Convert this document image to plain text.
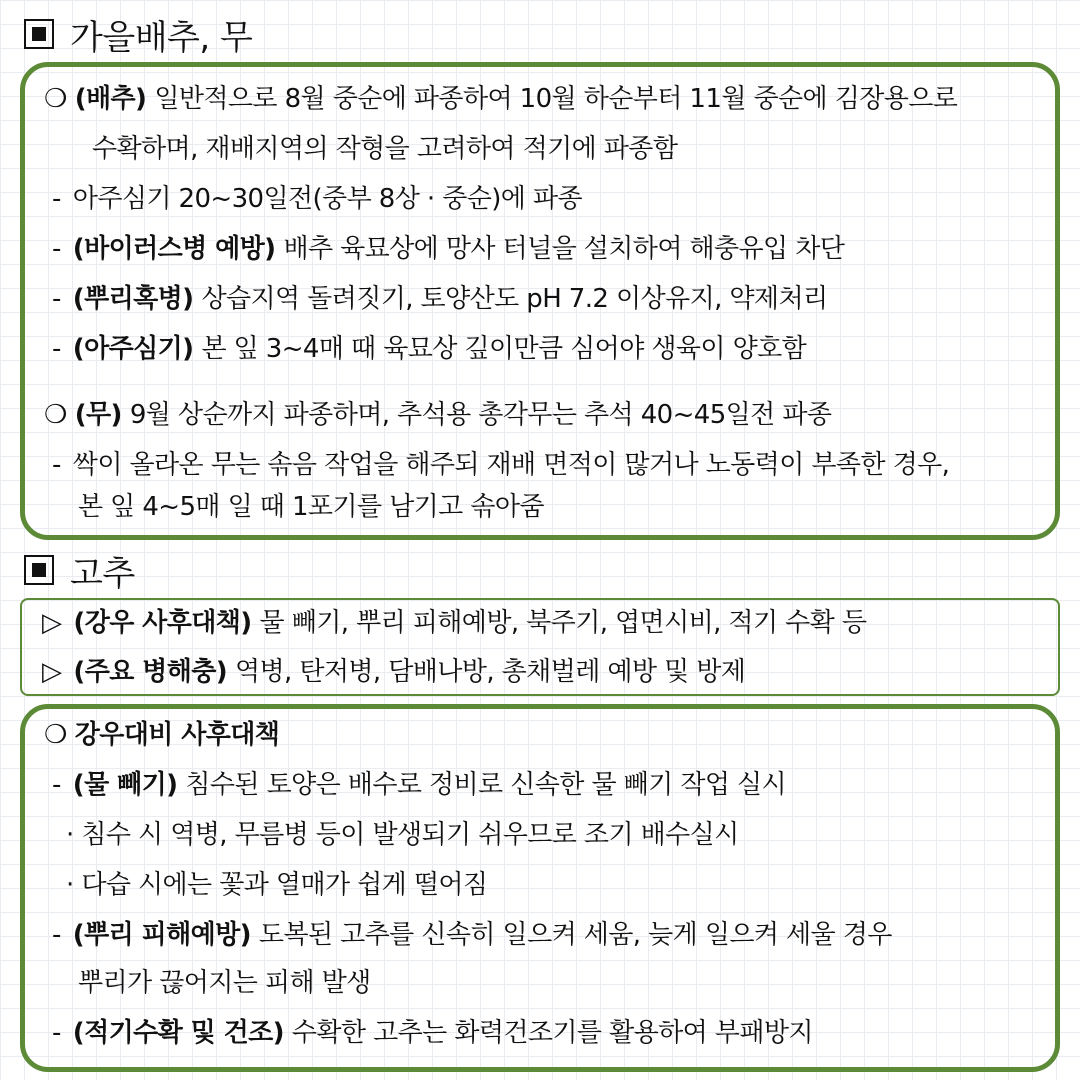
가을배추, 무
❍ (배추) 일반적으로 8월 중순에 파종하여 10월 하순부터 11월 중순에 김장용으로
수확하며, 재배지역의 작형을 고려하여 적기에 파종함
- 아주심기 20~30일전(중부 8상 · 중순)에 파종
- (바이러스병 예방) 배추 육묘상에 망사 터널을 설치하여 해충유입 차단
- (뿌리혹병) 상습지역 돌려짓기, 토양산도 pH 7.2 이상유지, 약제처리
- (아주심기) 본 잎 3~4매 때 육묘상 깊이만큼 심어야 생육이 양호함
❍ (무) 9월 상순까지 파종하며, 추석용 총각무는 추석 40~45일전 파종
- 싹이 올라온 무는 솎음 작업을 해주되 재배 면적이 많거나 노동력이 부족한 경우,
본 잎 4~5매 일 때 1포기를 남기고 솎아줌
고추
▷ (강우 사후대책) 물 빼기, 뿌리 피해예방, 북주기, 엽면시비, 적기 수확 등
▷ (주요 병해충) 역병, 탄저병, 담배나방, 총채벌레 예방 및 방제
❍ 강우대비 사후대책
- (물 빼기) 침수된 토양은 배수로 정비로 신속한 물 빼기 작업 실시
· 침수 시 역병, 무름병 등이 발생되기 쉬우므로 조기 배수실시
· 다습 시에는 꽃과 열매가 쉽게 떨어짐
- (뿌리 피해예방) 도복된 고추를 신속히 일으켜 세움, 늦게 일으켜 세울 경우
뿌리가 끊어지는 피해 발생
- (적기수확 및 건조) 수확한 고추는 화력건조기를 활용하여 부패방지
